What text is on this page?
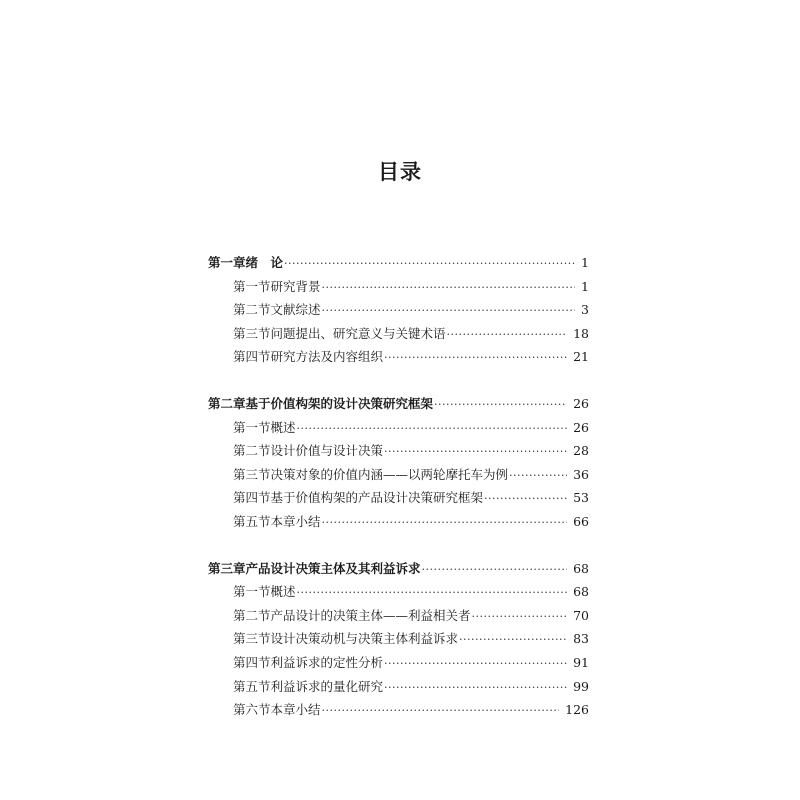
目录
第一章 绪　论 ·····	1
第一节 研究背景 ·····	1
第二节 文献综述 ·····	3
第三节 问题提出、研究意义与关键术语 ·····	18
第四节 研究方法及内容组织 ·····	21
第二章 基于价值构架的设计决策研究框架 ·····	26
第一节 概述 ·····	26
第二节 设计价值与设计决策 ·····	28
第三节 决策对象的价值内涵——以两轮摩托车为例 ·····	36
第四节 基于价值构架的产品设计决策研究框架 ·····	53
第五节 本章小结 ·····	66
第三章 产品设计决策主体及其利益诉求 ·····	68
第一节 概述 ·····	68
第二节 产品设计的决策主体——利益相关者 ·····	70
第三节 设计决策动机与决策主体利益诉求 ·····	83
第四节 利益诉求的定性分析 ·····	91
第五节 利益诉求的量化研究 ·····	99
第六节 本章小结 ·····	126
